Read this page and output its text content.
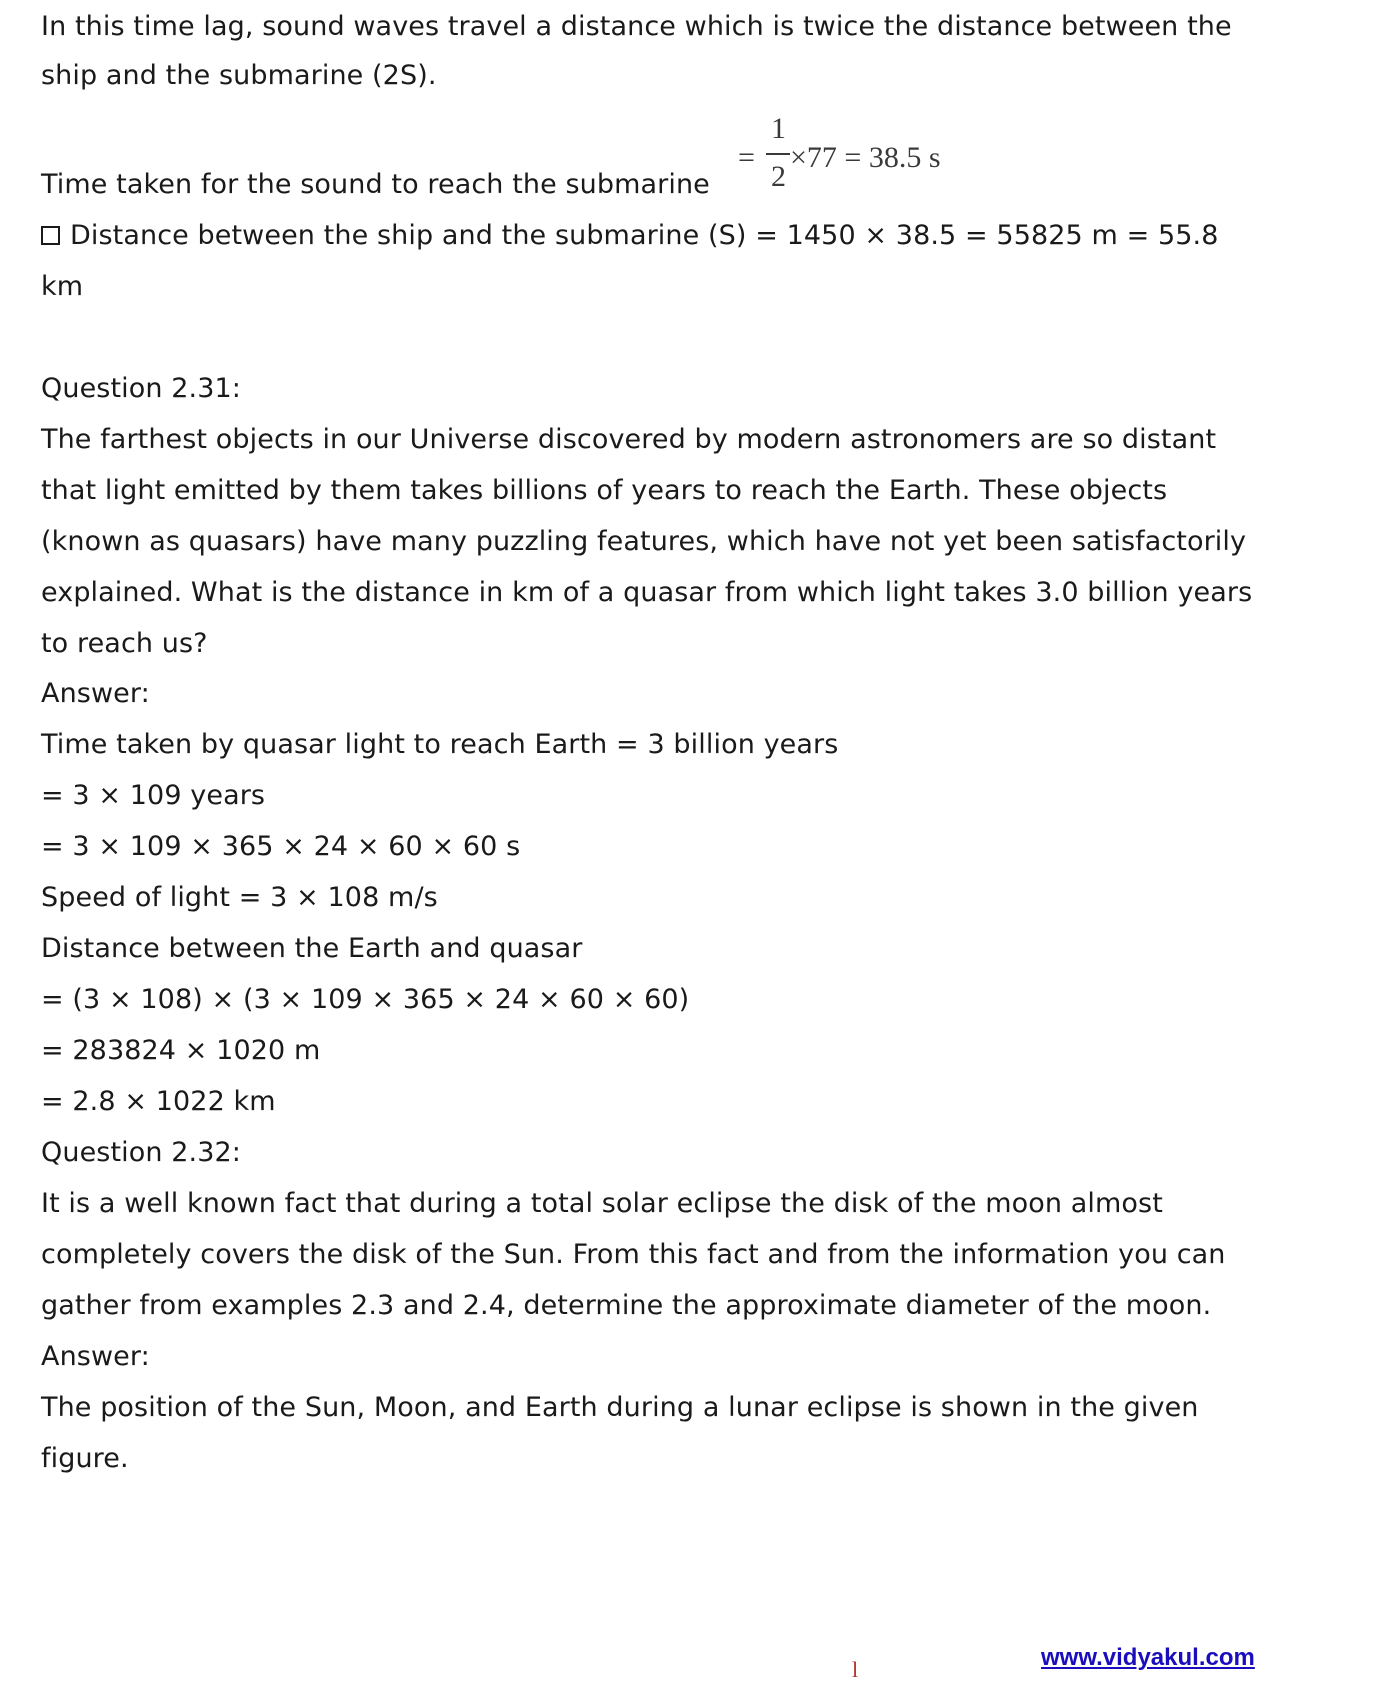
In this time lag, sound waves travel a distance which is twice the distance between the
ship and the submarine (2S).
=
1
2
×77 = 38.5 s
Time taken for the sound to reach the submarine
Distance between the ship and the submarine (S) = 1450 × 38.5 = 55825 m = 55.8
km
Question 2.31:
The farthest objects in our Universe discovered by modern astronomers are so distant
that light emitted by them takes billions of years to reach the Earth. These objects
(known as quasars) have many puzzling features, which have not yet been satisfactorily
explained. What is the distance in km of a quasar from which light takes 3.0 billion years
to reach us?
Answer:
Time taken by quasar light to reach Earth = 3 billion years
= 3 × 109 years
= 3 × 109 × 365 × 24 × 60 × 60 s
Speed of light = 3 × 108 m/s
Distance between the Earth and quasar
= (3 × 108) × (3 × 109 × 365 × 24 × 60 × 60)
= 283824 × 1020 m
= 2.8 × 1022 km
Question 2.32:
It is a well known fact that during a total solar eclipse the disk of the moon almost
completely covers the disk of the Sun. From this fact and from the information you can
gather from examples 2.3 and 2.4, determine the approximate diameter of the moon.
Answer:
The position of the Sun, Moon, and Earth during a lunar eclipse is shown in the given
figure.
l	www.vidyakul.com
